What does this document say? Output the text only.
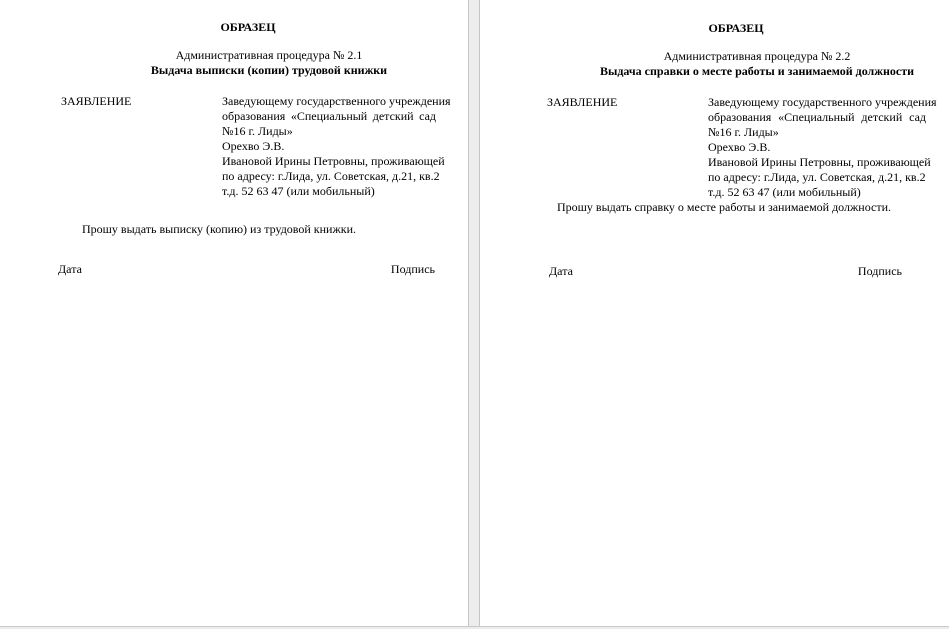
ОБРАЗЕЦ
Административная процедура № 2.1
Выдача выписки (копии) трудовой книжки
ЗАЯВЛЕНИЕ	Заведующему государственного учреждения
образования «Специальный детский сад
№16 г. Лиды»
Орехво Э.В.
Ивановой Ирины Петровны, проживающей
по адресу: г.Лида, ул. Советская, д.21, кв.2
т.д. 52 63 47 (или мобильный)
Прошу выдать выписку (копию) из трудовой книжки.
Дата	Подпись
ОБРАЗЕЦ
Административная процедура № 2.2
Выдача справки о месте работы и занимаемой должности
ЗАЯВЛЕНИЕ	Заведующему государственного учреждения
образования «Специальный детский сад
№16 г. Лиды»
Орехво Э.В.
Ивановой Ирины Петровны, проживающей
по адресу: г.Лида, ул. Советская, д.21, кв.2
т.д. 52 63 47 (или мобильный)
Прошу выдать справку о месте работы и занимаемой должности.
Дата	Подпись
